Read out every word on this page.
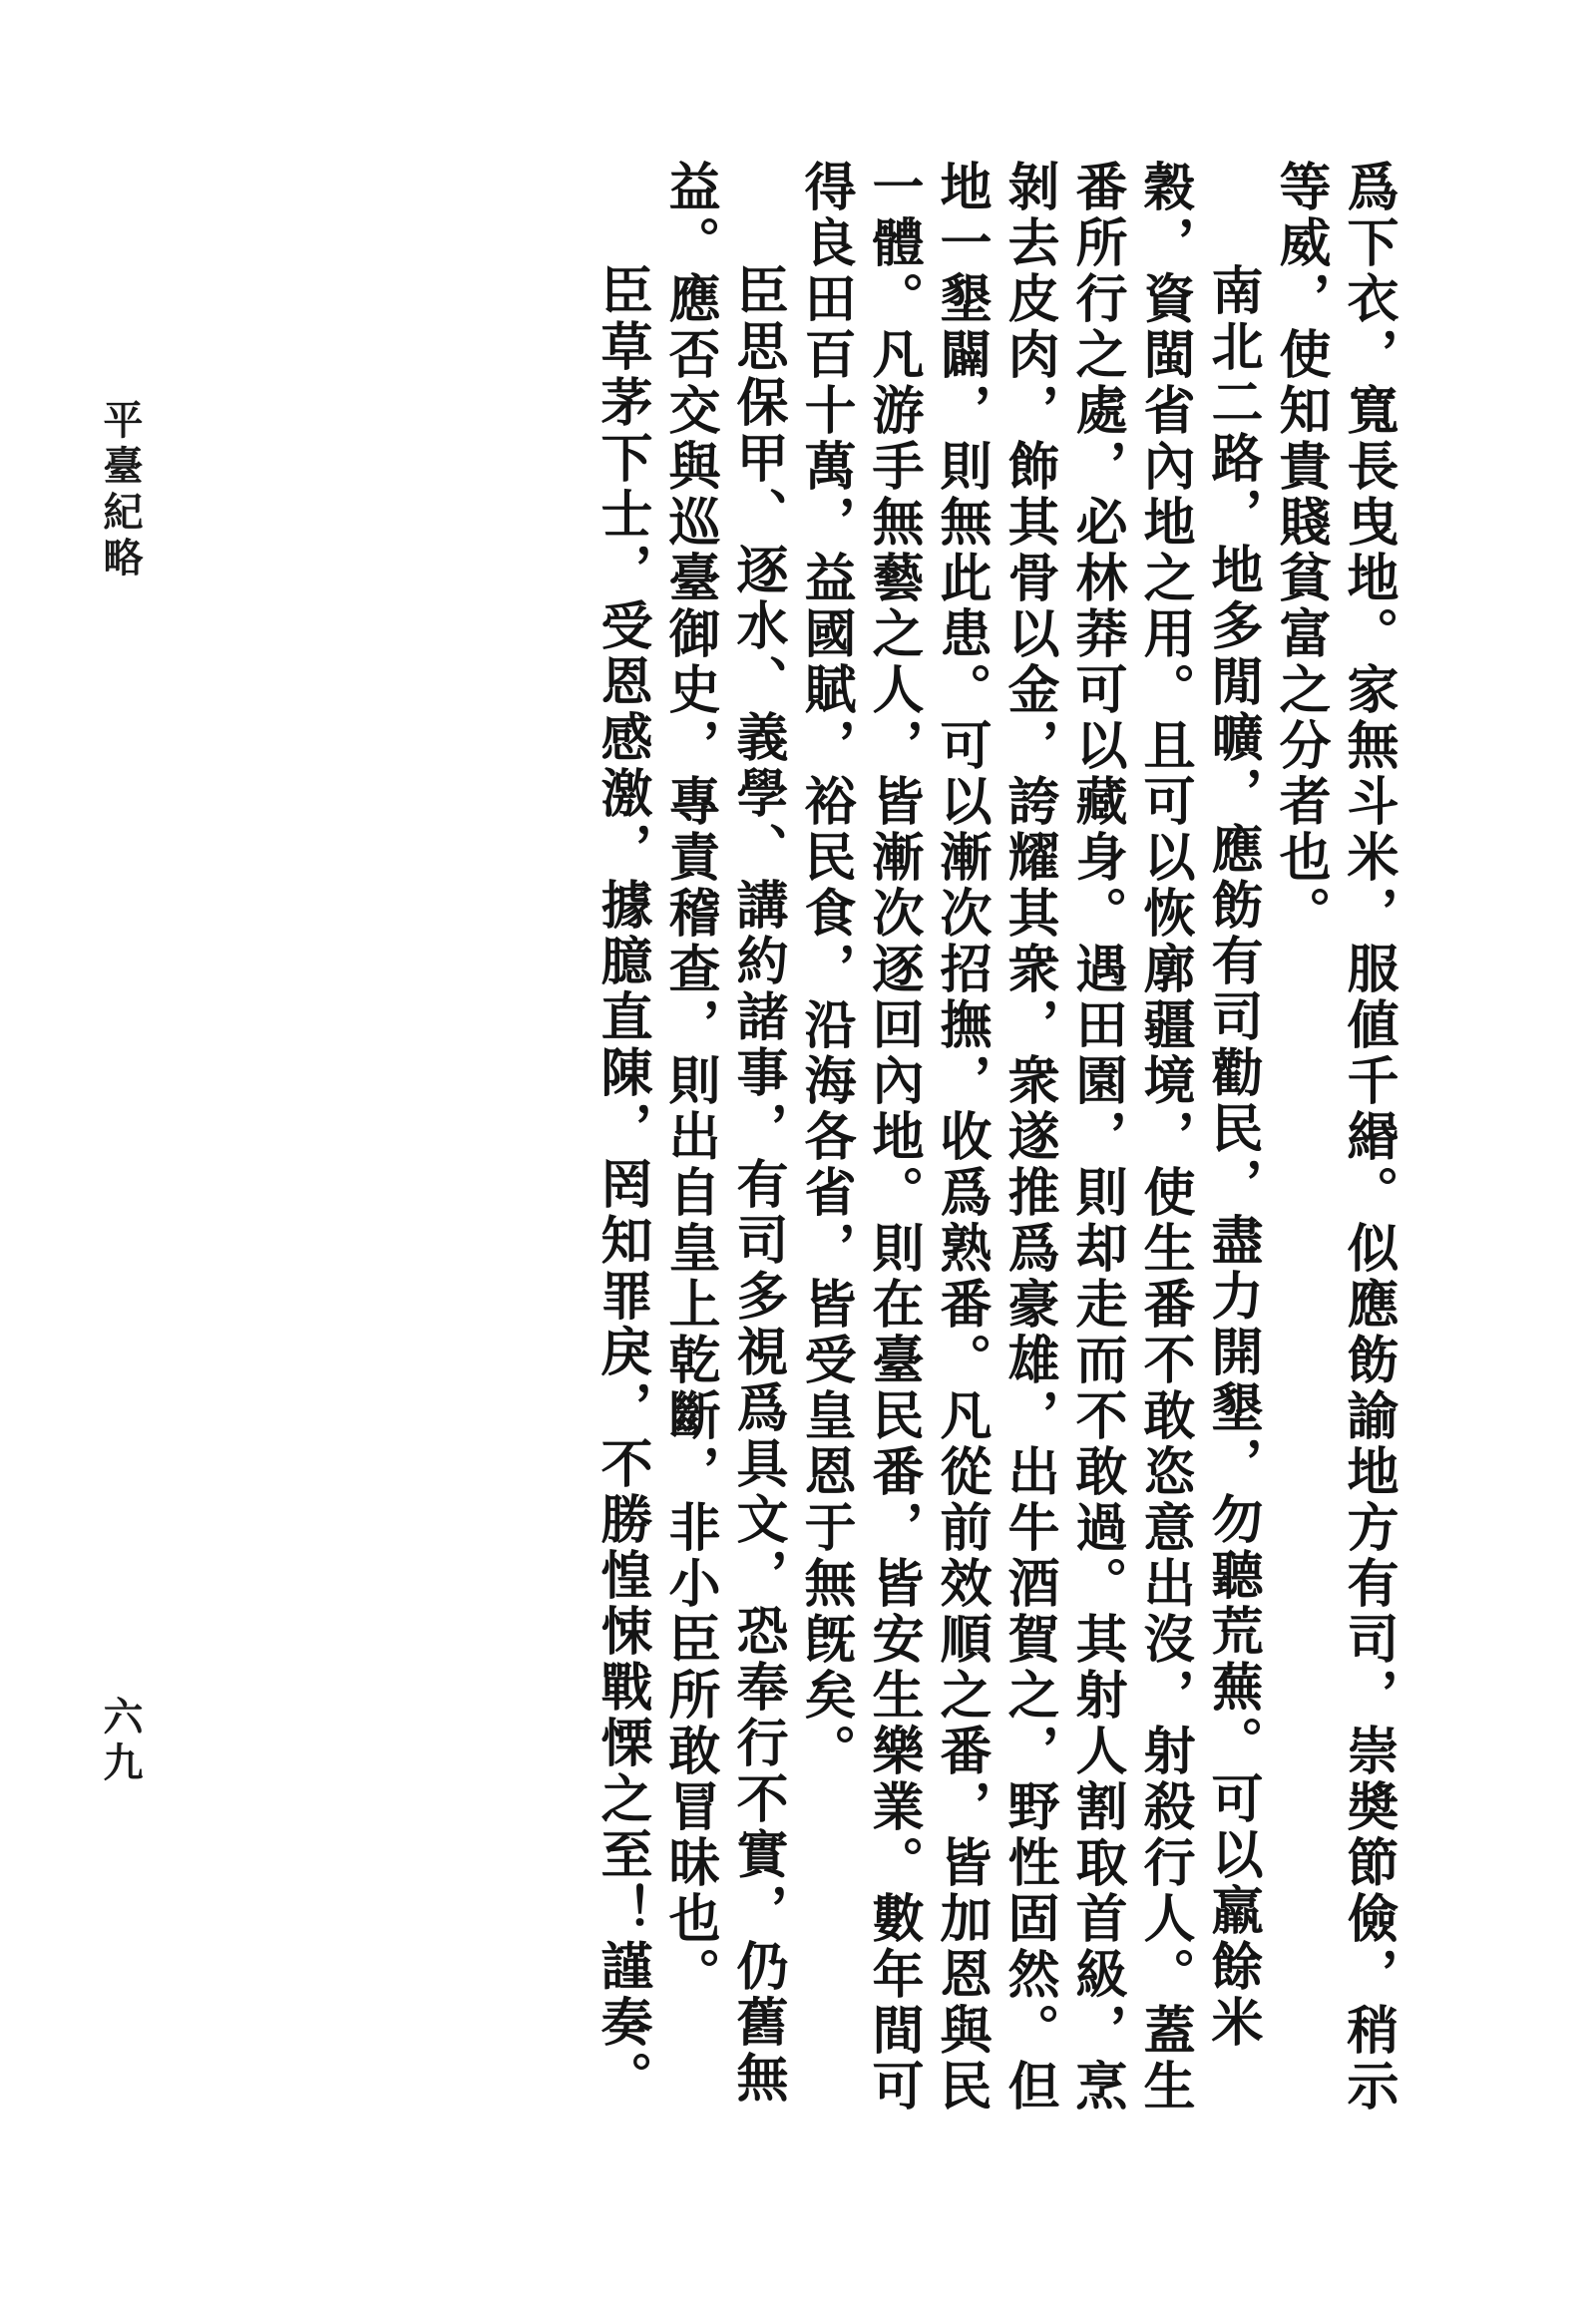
爲下衣，寬長曳地。家無斗米，服値千緡。似應飭諭地方有司，崇奬節儉，稍示等威，使知貴賤貧富之分者也。

南北二路，地多閒曠，應飭有司勸民，盡力開墾，勿聽荒蕪。可以羸餘米穀，資閩省內地之用。且可以恢廓疆境，使生番不敢恣意出沒，射殺行人。蓋生番所行之處，必林莽可以藏身。遇田園，則却走而不敢過。其射人割取首級，烹剝去皮肉，飾其骨以金，誇耀其衆，衆遂推爲豪雄，出牛酒賀之，野性固然。但地一墾闢，則無此患。可以漸次招撫，收爲熟番。凡從前效順之番，皆加恩與民一體。凡游手無藝之人，皆漸次逐回內地。則在臺民番，皆安生樂業。數年間可得良田百十萬，益國賦，裕民食，沿海各省，皆受皇恩于無旣矣。

臣思保甲、逐水、義學、講約諸事，有司多視爲具文，恐奉行不實，仍舊無益。應否交與巡臺御史，專責稽查，則出自皇上乾斷，非小臣所敢冒昧也。

臣草茅下士，受恩感激，據臆直陳，罔知罪戾，不勝惶悚戰慄之至！謹奏。

平臺紀略
六九
